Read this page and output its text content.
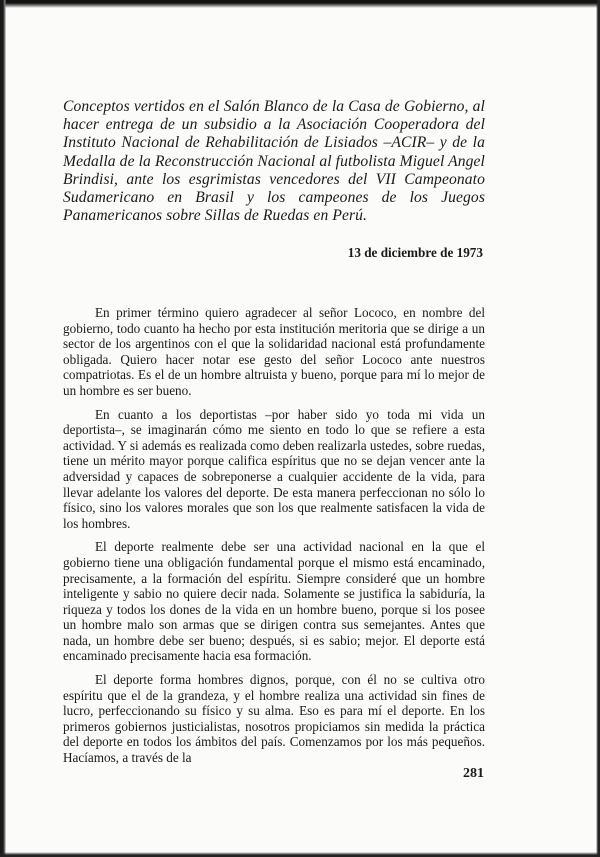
Conceptos vertidos en el Salón Blanco de la Casa de Gobierno, al hacer entrega de un subsidio a la Asociación Cooperadora del Instituto Nacional de Rehabilitación de Lisiados –ACIR– y de la Medalla de la Reconstrucción Nacional al futbolista Miguel Angel Brindisi, ante los esgrimistas vencedores del VII Campeonato Sudamericano en Brasil y los campeones de los Juegos Panamericanos sobre Sillas de Ruedas en Perú.
13 de diciembre de 1973

En primer término quiero agradecer al señor Lococo, en nombre del gobierno, todo cuanto ha hecho por esta institución meritoria que se dirige a un sector de los argentinos con el que la solidaridad nacional está profundamente obligada. Quiero hacer notar ese gesto del señor Lococo ante nuestros compatriotas. Es el de un hombre altruista y bueno, porque para mí lo mejor de un hombre es ser bueno.

En cuanto a los deportistas –por haber sido yo toda mi vida un deportista–, se imaginarán cómo me siento en todo lo que se refiere a esta actividad. Y si además es realizada como deben realizarla ustedes, sobre ruedas, tiene un mérito mayor porque califica espíritus que no se dejan vencer ante la adversidad y capaces de sobreponerse a cualquier accidente de la vida, para llevar adelante los valores del deporte. De esta manera perfeccionan no sólo lo físico, sino los valores morales que son los que realmente satisfacen la vida de los hombres.

El deporte realmente debe ser una actividad nacional en la que el gobierno tiene una obligación fundamental porque el mismo está encaminado, precisamente, a la formación del espíritu. Siempre consideré que un hombre inteligente y sabio no quiere decir nada. Solamente se justifica la sabiduría, la riqueza y todos los dones de la vida en un hombre bueno, porque si los posee un hombre malo son armas que se dirigen contra sus semejantes. Antes que nada, un hombre debe ser bueno; después, si es sabio; mejor. El deporte está encaminado precisamente hacia esa formación.

El deporte forma hombres dignos, porque, con él no se cultiva otro espíritu que el de la grandeza, y el hombre realiza una actividad sin fines de lucro, perfeccionando su físico y su alma. Eso es para mí el deporte. En los primeros gobiernos justicialistas, nosotros propiciamos sin medida la práctica del deporte en todos los ámbitos del país. Comenzamos por los más pequeños. Hacíamos, a través de la

281
